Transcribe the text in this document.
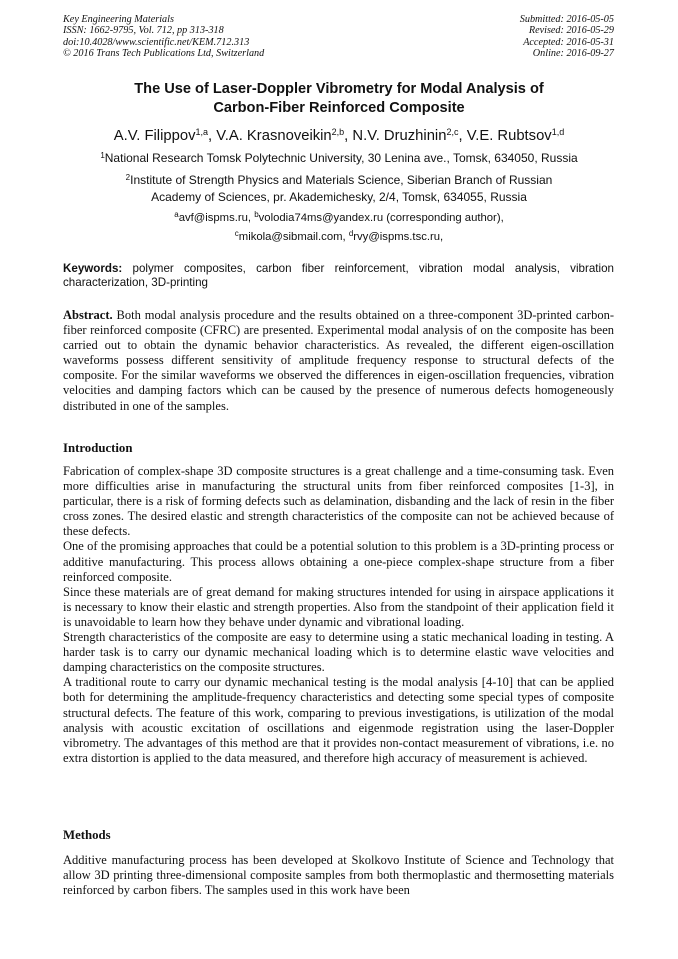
Key Engineering Materials
ISSN: 1662-9795, Vol. 712, pp 313-318
doi:10.4028/www.scientific.net/KEM.712.313
© 2016 Trans Tech Publications Ltd, Switzerland
Submitted: 2016-05-05
Revised: 2016-05-29
Accepted: 2016-05-31
Online: 2016-09-27
The Use of Laser-Doppler Vibrometry for Modal Analysis of
Carbon-Fiber Reinforced Composite
A.V. Filippov$^{1,a}$, V.A. Krasnoveikin$^{2,b}$, N.V. Druzhinin$^{2,c}$, V.E. Rubtsov$^{1,d}$
$^1$National Research Tomsk Polytechnic University, 30 Lenina ave., Tomsk, 634050, Russia
$^2$Institute of Strength Physics and Materials Science, Siberian Branch of Russian Academy of Sciences, pr. Akademichesky, 2/4, Tomsk, 634055, Russia
$^a$avf@ispms.ru, $^b$volodia74ms@yandex.ru (corresponding author),
$^c$mikola@sibmail.com, $^d$rvy@ispms.tsc.ru,
Keywords: polymer composites, carbon fiber reinforcement, vibration modal analysis, vibration characterization, 3D-printing
Abstract. Both modal analysis procedure and the results obtained on a three-component 3D-printed carbon-fiber reinforced composite (CFRC) are presented. Experimental modal analysis of on the composite has been carried out to obtain the dynamic behavior characteristics. As revealed, the different eigen-oscillation waveforms possess different sensitivity of amplitude frequency response to structural defects of the composite. For the similar waveforms we observed the differences in eigen-oscillation frequencies, vibration velocities and damping factors which can be caused by the presence of numerous defects homogeneously distributed in one of the samples.
Introduction

Fabrication of complex-shape 3D composite structures is a great challenge and a time-consuming task. Even more difficulties arise in manufacturing the structural units from fiber reinforced composites [1-3], in particular, there is a risk of forming defects such as delamination, disbanding and the lack of resin in the fiber cross zones. The desired elastic and strength characteristics of the composite can not be achieved because of these defects.

One of the promising approaches that could be a potential solution to this problem is a 3D-printing process or additive manufacturing. This process allows obtaining a one-piece complex-shape structure from a fiber reinforced composite.

Since these materials are of great demand for making structures intended for using in airspace applications it is necessary to know their elastic and strength properties. Also from the standpoint of their application field it is unavoidable to learn how they behave under dynamic and vibrational loading.

Strength characteristics of the composite are easy to determine using a static mechanical loading in testing. A harder task is to carry our dynamic mechanical loading which is to determine elastic wave velocities and damping characteristics on the composite structures.

A traditional route to carry our dynamic mechanical testing is the modal analysis [4-10] that can be applied both for determining the amplitude-frequency characteristics and detecting some special types of composite structural defects. The feature of this work, comparing to previous investigations, is utilization of the modal analysis with acoustic excitation of oscillations and eigenmode registration using the laser-Doppler vibrometry. The advantages of this method are that it provides non-contact measurement of vibrations, i.e. no extra distortion is applied to the data measured, and therefore high accuracy of measurement is achieved.

Methods
Additive manufacturing process has been developed at Skolkovo Institute of Science and Technology that allow 3D printing three-dimensional composite samples from both thermoplastic and thermosetting materials reinforced by carbon fibers. The samples used in this work have been
